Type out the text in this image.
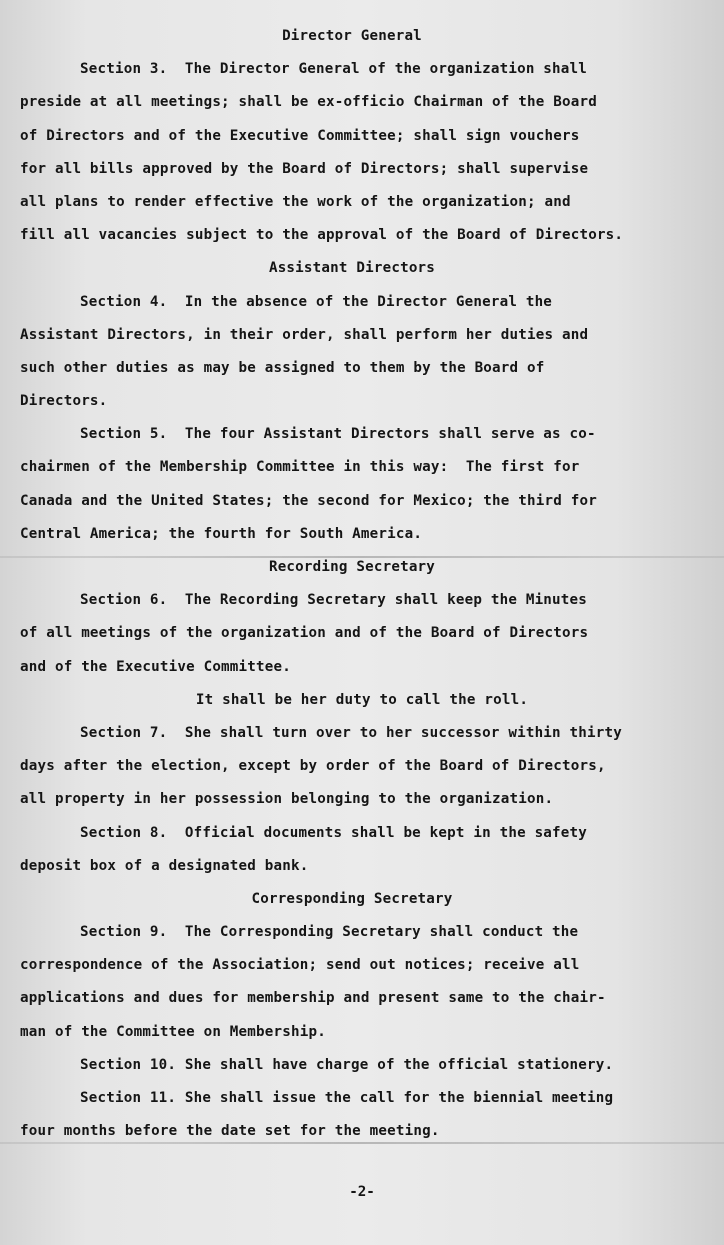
Director General
Section 3.  The Director General of the organization shall
preside at all meetings; shall be ex-officio Chairman of the Board
of Directors and of the Executive Committee; shall sign vouchers
for all bills approved by the Board of Directors; shall supervise
all plans to render effective the work of the organization; and
fill all vacancies subject to the approval of the Board of Directors.
Assistant Directors
Section 4.  In the absence of the Director General the
Assistant Directors, in their order, shall perform her duties and
such other duties as may be assigned to them by the Board of
Directors.
Section 5.  The four Assistant Directors shall serve as co-
chairmen of the Membership Committee in this way:  The first for
Canada and the United States; the second for Mexico; the third for
Central America; the fourth for South America.
Recording Secretary
Section 6.  The Recording Secretary shall keep the Minutes
of all meetings of the organization and of the Board of Directors
and of the Executive Committee.
It shall be her duty to call the roll.
Section 7.  She shall turn over to her successor within thirty
days after the election, except by order of the Board of Directors,
all property in her possession belonging to the organization.
Section 8.  Official documents shall be kept in the safety
deposit box of a designated bank.
Corresponding Secretary
Section 9.  The Corresponding Secretary shall conduct the
correspondence of the Association; send out notices; receive all
applications and dues for membership and present same to the chair-
man of the Committee on Membership.
Section 10. She shall have charge of the official stationery.
Section 11. She shall issue the call for the biennial meeting
four months before the date set for the meeting.
-2-
